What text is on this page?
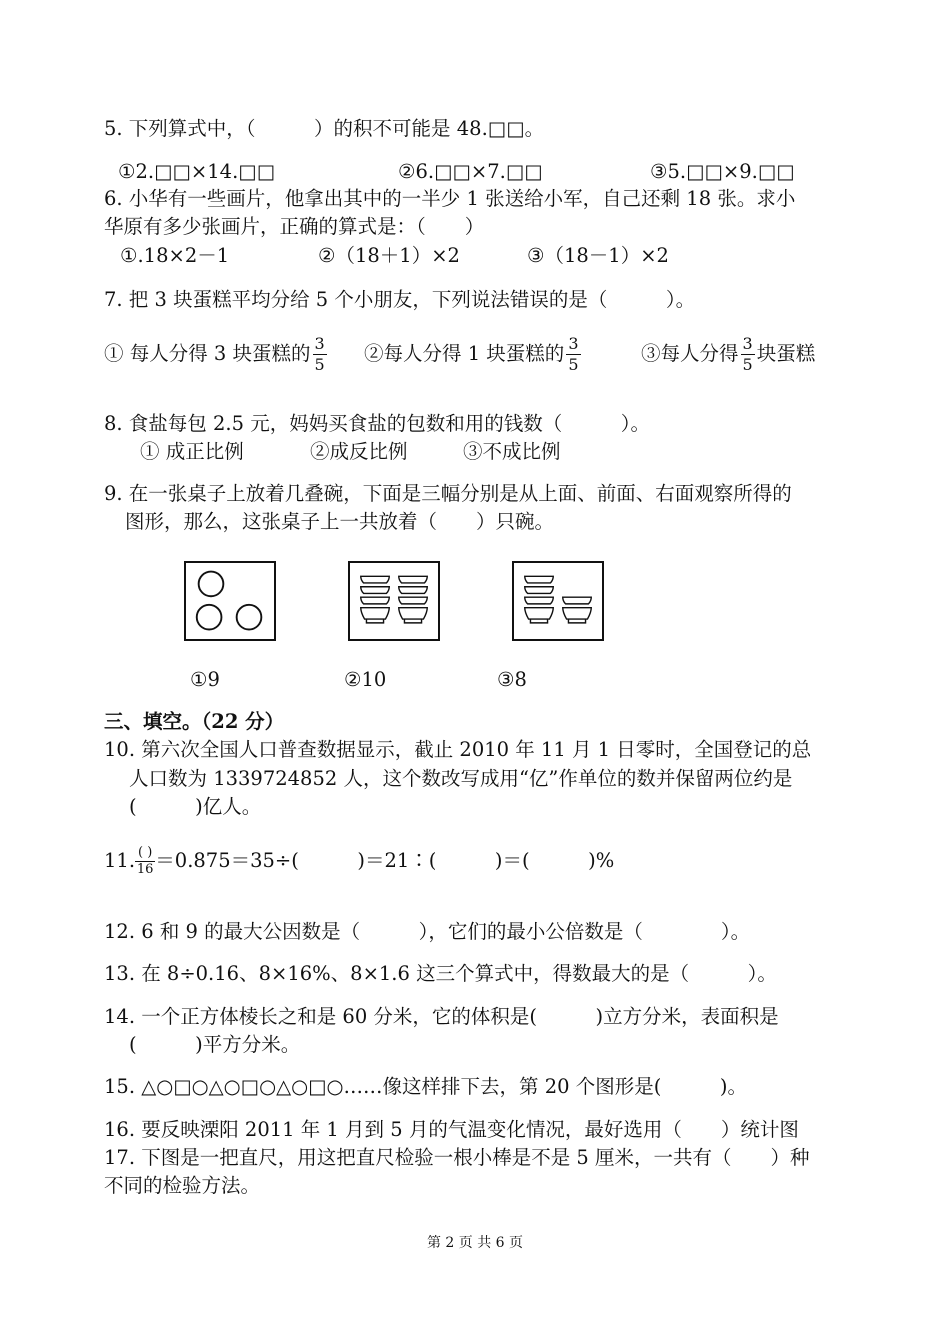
5. 下列算式中，（　　　）的积不可能是 48.□□。
①2.□□×14.□□	②6.□□×7.□□	③5.□□×9.□□
6. 小华有一些画片，他拿出其中的一半少 1 张送给小军，自己还剩 18 张。求小
华原有多少张画片，正确的算式是：（　　）
①.18×2－1	②（18＋1）×2	③（18－1）×2
7. 把 3 块蛋糕平均分给 5 个小朋友，下列说法错误的是（　　　）。
① 每人分得 3 块蛋糕的 $\frac{3}{5}$ ②每人分得 1 块蛋糕的 $\frac{3}{5}$	③每人分得 $\frac{3}{5}$ 块蛋糕
8. 食盐每包 2.5 元，妈妈买食盐的包数和用的钱数（　　　）。
① 成正比例	②成反比例	③不成比例
9. 在一张桌子上放着几叠碗，下面是三幅分别是从上面、前面、右面观察所得的
图形，那么，这张桌子上一共放着（　　）只碗。
①9	②10	③8
三、填空。（22 分）
10. 第六次全国人口普查数据显示，截止 2010 年 11 月 1 日零时，全国登记的总
人口数为 1339724852 人，这个数改写成用“亿”作单位的数并保留两位约是
(　　　)亿人。
11. $\frac{( )}{16} =0.875=35\div$(　　　)＝21∶(　　　)＝(　　　)%
12. 6 和 9 的最大公因数是（　　　），它们的最小公倍数是（　　　　）。
13. 在 8÷0.16、8×16%、8×1.6 这三个算式中，得数最大的是（　　　）。
14. 一个正方体棱长之和是 60 分米，它的体积是(　　　)立方分米，表面积是
(　　　)平方分米。
15. △○□○△○□○△○□○……像这样排下去，第 20 个图形是(　　　)。
16. 要反映溧阳 2011 年 1 月到 5 月的气温变化情况，最好选用（　　）统计图
17. 下图是一把直尺，用这把直尺检验一根小棒是不是 5 厘米，一共有（　　）种
不同的检验方法。
第 2 页 共 6 页
